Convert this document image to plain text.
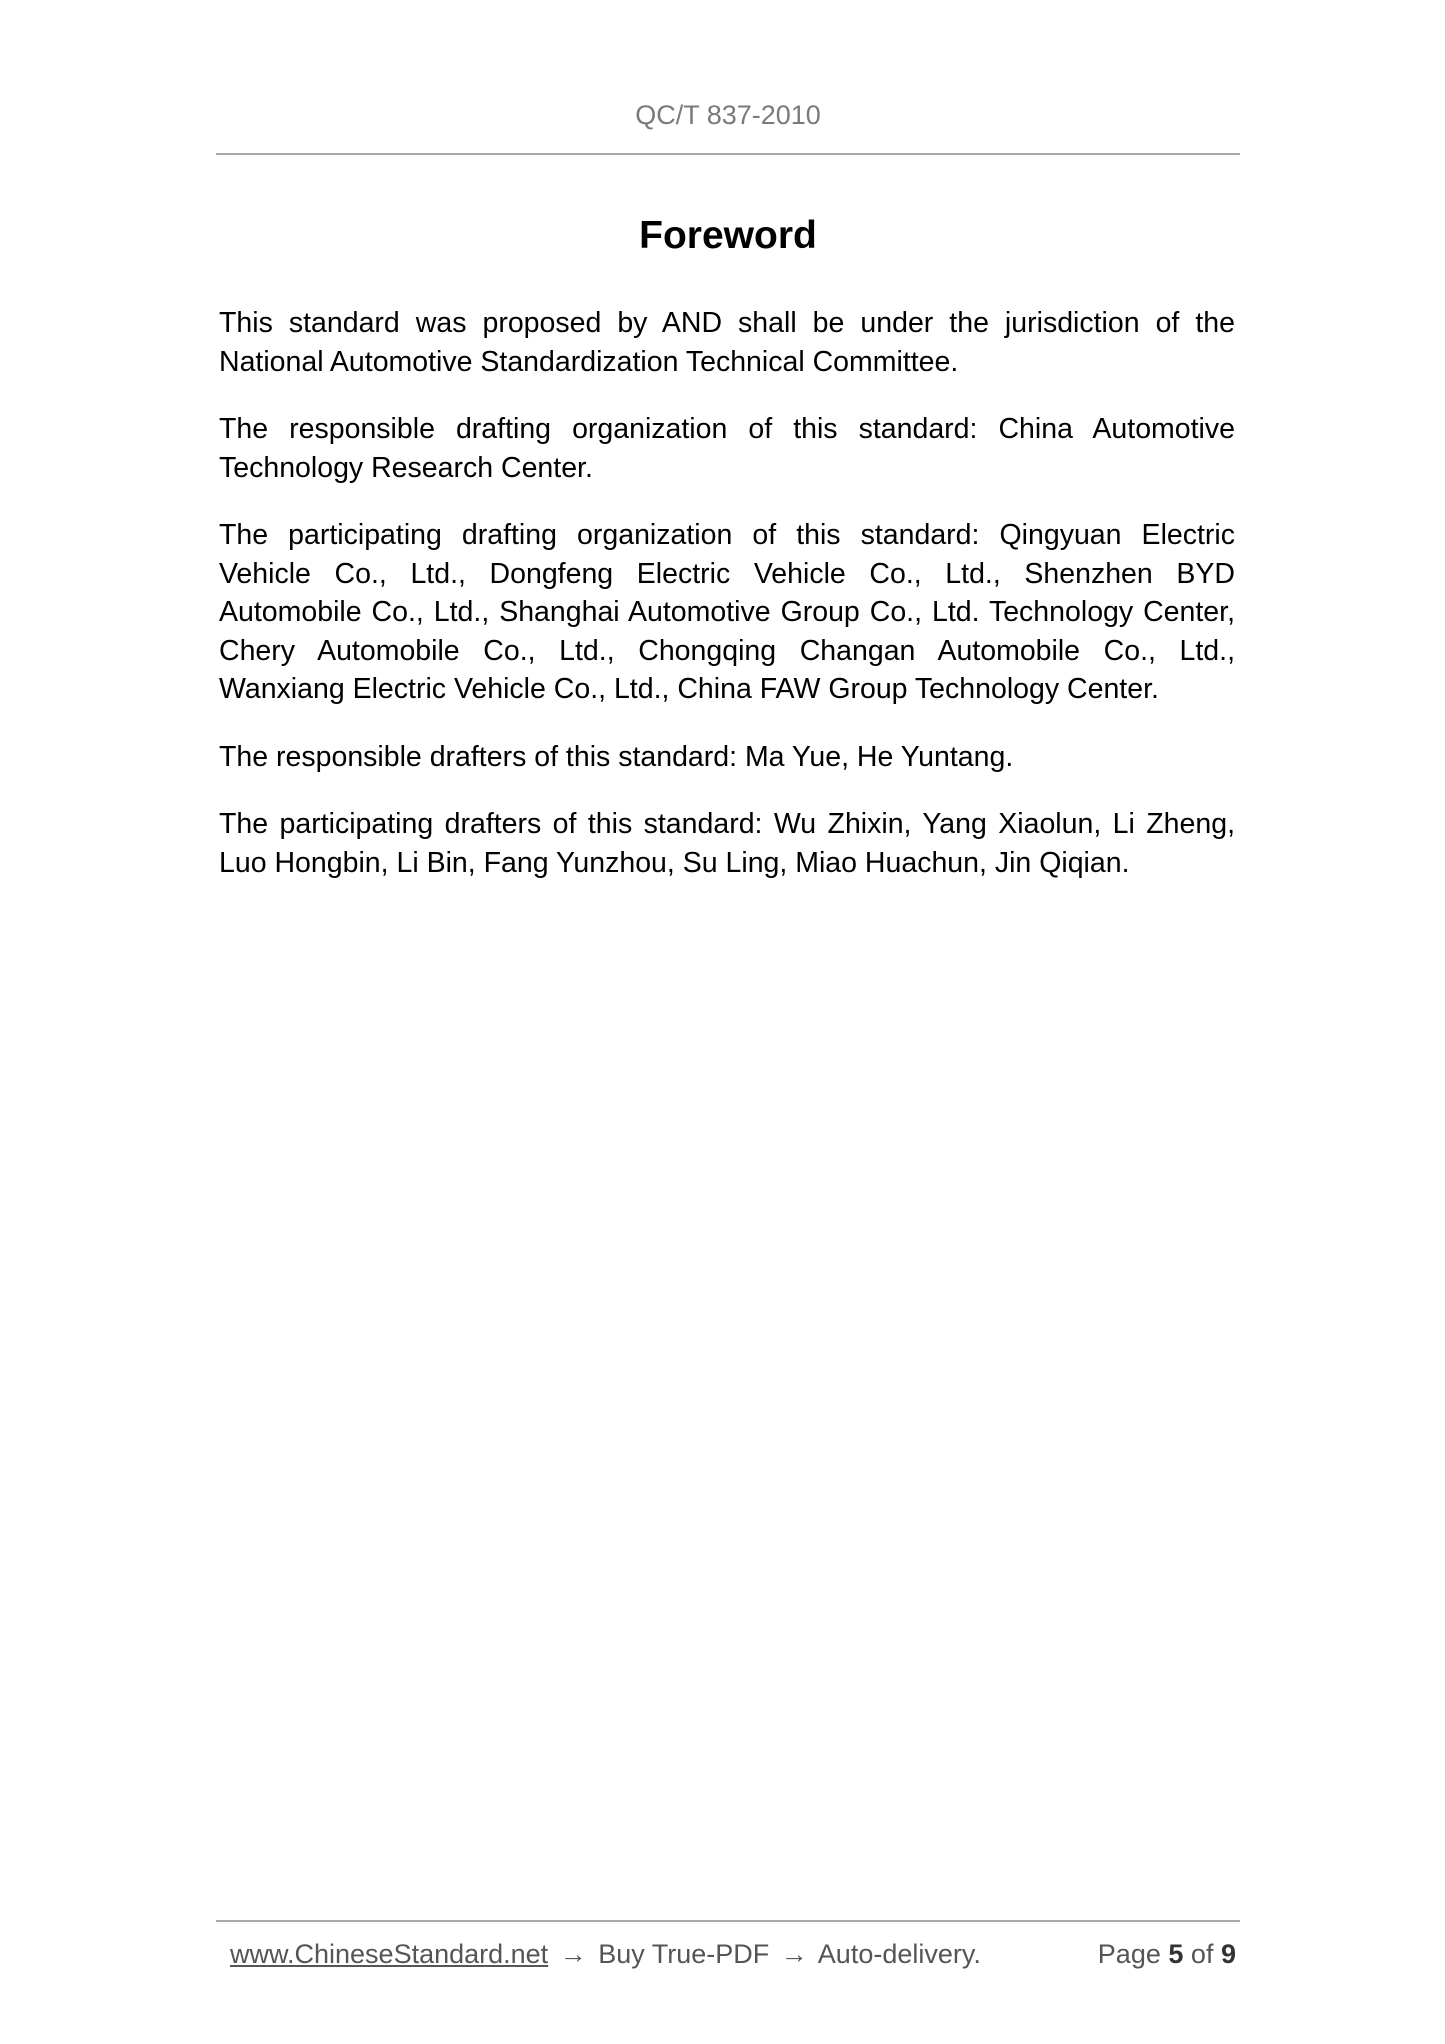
QC/T 837-2010
Foreword

This standard was proposed by AND shall be under the jurisdiction of the National Automotive Standardization Technical Committee.

The responsible drafting organization of this standard: China Automotive Technology Research Center.

The participating drafting organization of this standard: Qingyuan Electric Vehicle Co., Ltd., Dongfeng Electric Vehicle Co., Ltd., Shenzhen BYD Automobile Co., Ltd., Shanghai Automotive Group Co., Ltd. Technology Center, Chery Automobile Co., Ltd., Chongqing Changan Automobile Co., Ltd., Wanxiang Electric Vehicle Co., Ltd., China FAW Group Technology Center.

The responsible drafters of this standard: Ma Yue, He Yuntang.

The participating drafters of this standard: Wu Zhixin, Yang Xiaolun, Li Zheng, Luo Hongbin, Li Bin, Fang Yunzhou, Su Ling, Miao Huachun, Jin Qiqian.

www.ChineseStandard.net → Buy True-PDF → Auto-delivery.	Page 5 of 9
